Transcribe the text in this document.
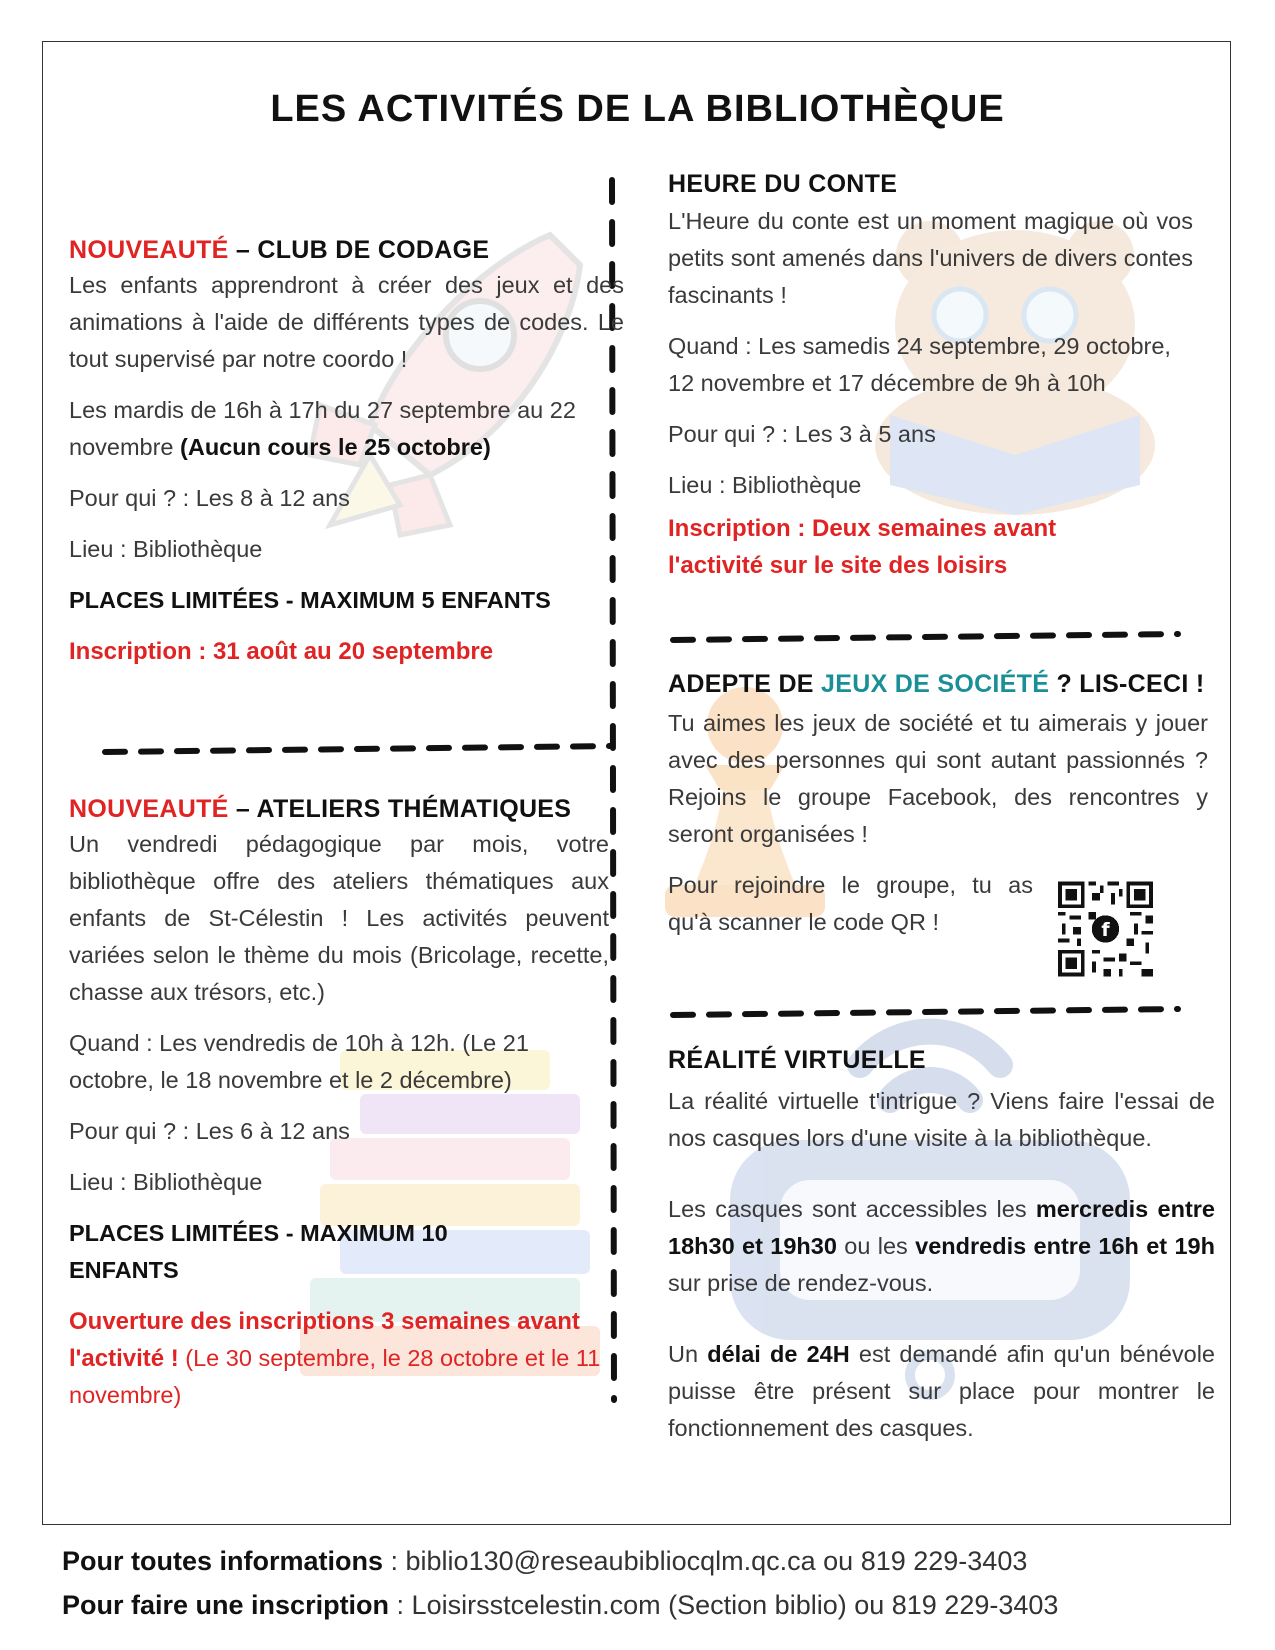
LES ACTIVITÉS DE LA BIBLIOTHÈQUE

NOUVEAUTÉ – CLUB DE CODAGE

Les enfants apprendront à créer des jeux et des animations à l'aide de différents types de codes. Le tout supervisé par notre coordo !

Les mardis de 16h à 17h du 27 septembre au 22 novembre (Aucun cours le 25 octobre)

Pour qui ? : Les 8 à 12 ans

Lieu : Bibliothèque

PLACES LIMITÉES - MAXIMUM 5 ENFANTS

Inscription : 31 août au 20 septembre

NOUVEAUTÉ – ATELIERS THÉMATIQUES

Un vendredi pédagogique par mois, votre bibliothèque offre des ateliers thématiques aux enfants de St-Célestin ! Les activités peuvent variées selon le thème du mois (Bricolage, recette, chasse aux trésors, etc.)

Quand : Les vendredis de 10h à 12h. (Le 21 octobre, le 18 novembre et le 2 décembre)

Pour qui ? : Les 6 à 12 ans

Lieu : Bibliothèque

PLACES LIMITÉES - MAXIMUM 10 ENFANTS

Ouverture des inscriptions 3 semaines avant l'activité ! (Le 30 septembre, le 28 octobre et le 11 novembre)

HEURE DU CONTE

L'Heure du conte est un moment magique où vos petits sont amenés dans l'univers de divers contes fascinants !

Quand : Les samedis 24 septembre, 29 octobre, 12 novembre et 17 décembre de 9h à 10h

Pour qui ? : Les 3 à 5 ans

Lieu : Bibliothèque

Inscription : Deux semaines avant l'activité sur le site des loisirs

ADEPTE DE JEUX DE SOCIÉTÉ ? LIS-CECI !

Tu aimes les jeux de société et tu aimerais y jouer avec des personnes qui sont autant passionnés ? Rejoins le groupe Facebook, des rencontres y seront organisées !

Pour rejoindre le groupe, tu as qu'à scanner le code QR !	f

RÉALITÉ VIRTUELLE

La réalité virtuelle t'intrigue ? Viens faire l'essai de nos casques lors d'une visite à la bibliothèque.

Les casques sont accessibles les mercredis entre 18h30 et 19h30 ou les vendredis entre 16h et 19h sur prise de rendez-vous.

Un délai de 24H est demandé afin qu'un bénévole puisse être présent sur place pour montrer le fonctionnement des casques.

Pour toutes informations : biblio130@reseaubibliocqlm.qc.ca ou 819 229-3403

Pour faire une inscription : Loisirsstcelestin.com (Section biblio) ou 819 229-3403
